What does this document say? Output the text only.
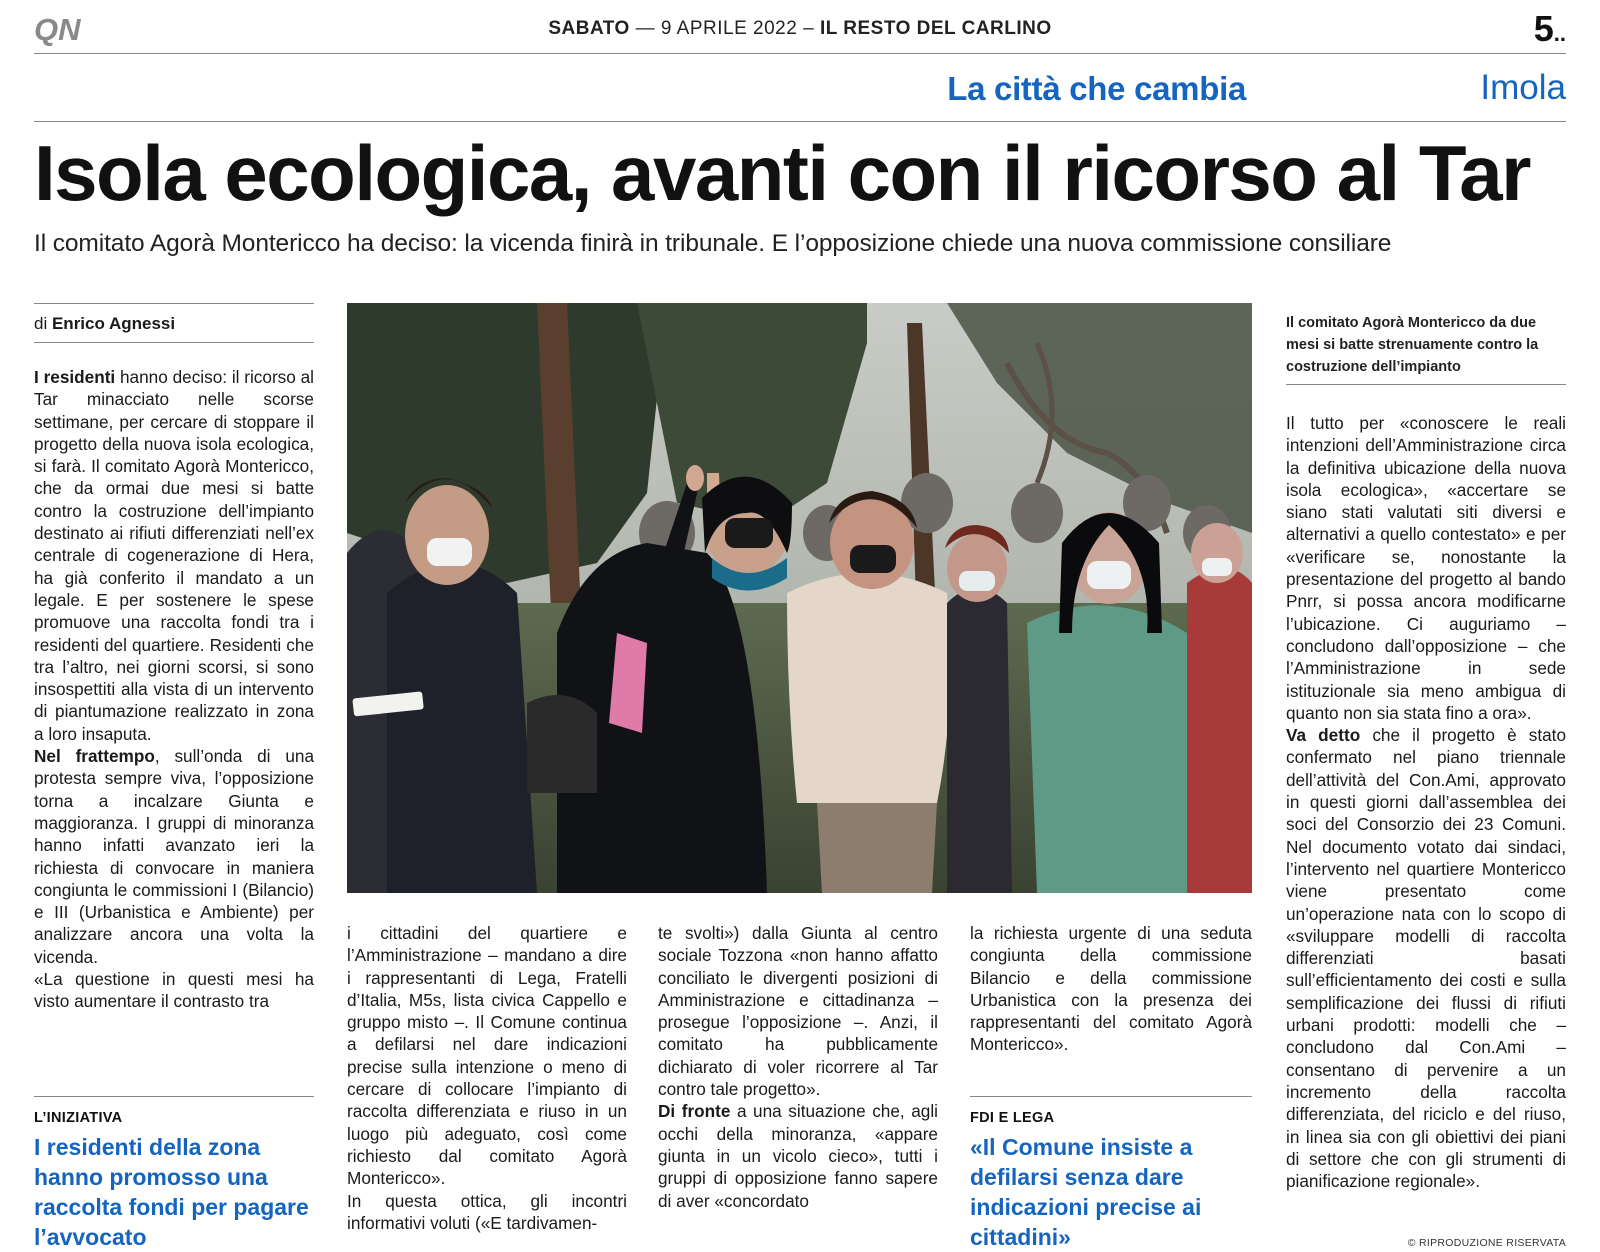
QN	SABATO — 9 APRILE 2022 – IL RESTO DEL CARLINO	5..
La città che cambia	Imola
Isola ecologica, avanti con il ricorso al Tar
Il comitato Agorà Montericco ha deciso: la vicenda finirà in tribunale. E l’opposizione chiede una nuova commissione consiliare
di Enrico Agnessi

I residenti hanno deciso: il ricorso al Tar minacciato nelle scorse settimane, per cercare di stoppare il progetto della nuova isola ecologica, si farà. Il comitato Agorà Montericco, che da ormai due mesi si batte contro la costruzione dell’impianto destinato ai rifiuti differenziati nell’ex centrale di cogenerazione di Hera, ha già conferito il mandato a un legale. E per sostenere le spese promuove una raccolta fondi tra i residenti del quartiere. Residenti che tra l’altro, nei giorni scorsi, si sono insospettiti alla vista di un intervento di piantumazione realizzato in zona a loro insaputa.

Nel frattempo, sull’onda di una protesta sempre viva, l’opposizione torna a incalzare Giunta e maggioranza. I gruppi di minoranza hanno infatti avanzato ieri la richiesta di convocare in maniera congiunta le commissioni I (Bilancio) e III (Urbanistica e Ambiente) per analizzare ancora una volta la vicenda.

«La questione in questi mesi ha visto aumentare il contrasto tra

L’INIZIATIVA
I residenti della zona hanno promosso una raccolta fondi per pagare l’avvocato
Il comitato Agorà Montericco da due mesi si batte strenuamente contro la costruzione dell’impianto

i cittadini del quartiere e l’Amministrazione – mandano a dire i rappresentanti di Lega, Fratelli d’Italia, M5s, lista civica Cappello e gruppo misto –. Il Comune continua a defilarsi nel dare indicazioni precise sulla intenzione o meno di cercare di collocare l’impianto di raccolta differenziata e riuso in un luogo più adeguato, così come richiesto dal comitato Agorà Montericco».

In questa ottica, gli incontri informativi voluti («E tardivamen-

te svolti») dalla Giunta al centro sociale Tozzona «non hanno affatto conciliato le divergenti posizioni di Amministrazione e cittadinanza – prosegue l’opposizione –. Anzi, il comitato ha pubblicamente dichiarato di voler ricorrere al Tar contro tale progetto».

Di fronte a una situazione che, agli occhi della minoranza, «appare giunta in un vicolo cieco», tutti i gruppi di opposizione fanno sapere di aver «concordato

la richiesta urgente di una seduta congiunta della commissione Bilancio e della commissione Urbanistica con la presenza dei rappresentanti del comitato Agorà Montericco».

FDI E LEGA
«Il Comune insiste a defilarsi senza dare indicazioni precise ai cittadini»

Il tutto per «conoscere le reali intenzioni dell’Amministrazione circa la definitiva ubicazione della nuova isola ecologica», «accertare se siano stati valutati siti diversi e alternativi a quello contestato» e per «verificare se, nonostante la presentazione del progetto al bando Pnrr, si possa ancora modificarne l’ubicazione. Ci auguriamo – concludono dall’opposizione – che l’Amministrazione in sede istituzionale sia meno ambigua di quanto non sia stata fino a ora».

Va detto che il progetto è stato confermato nel piano triennale dell’attività del Con.Ami, approvato in questi giorni dall’assemblea dei soci del Consorzio dei 23 Comuni. Nel documento votato dai sindaci, l’intervento nel quartiere Montericco viene presentato come un’operazione nata con lo scopo di «sviluppare modelli di raccolta differenziati basati sull’efficientamento dei costi e sulla semplificazione dei flussi di rifiuti urbani prodotti: modelli che – concludono dal Con.Ami – consentano di pervenire a un incremento della raccolta differenziata, del riciclo e del riuso, in linea sia con gli obiettivi dei piani di settore che con gli strumenti di pianificazione regionale».

© RIPRODUZIONE RISERVATA
